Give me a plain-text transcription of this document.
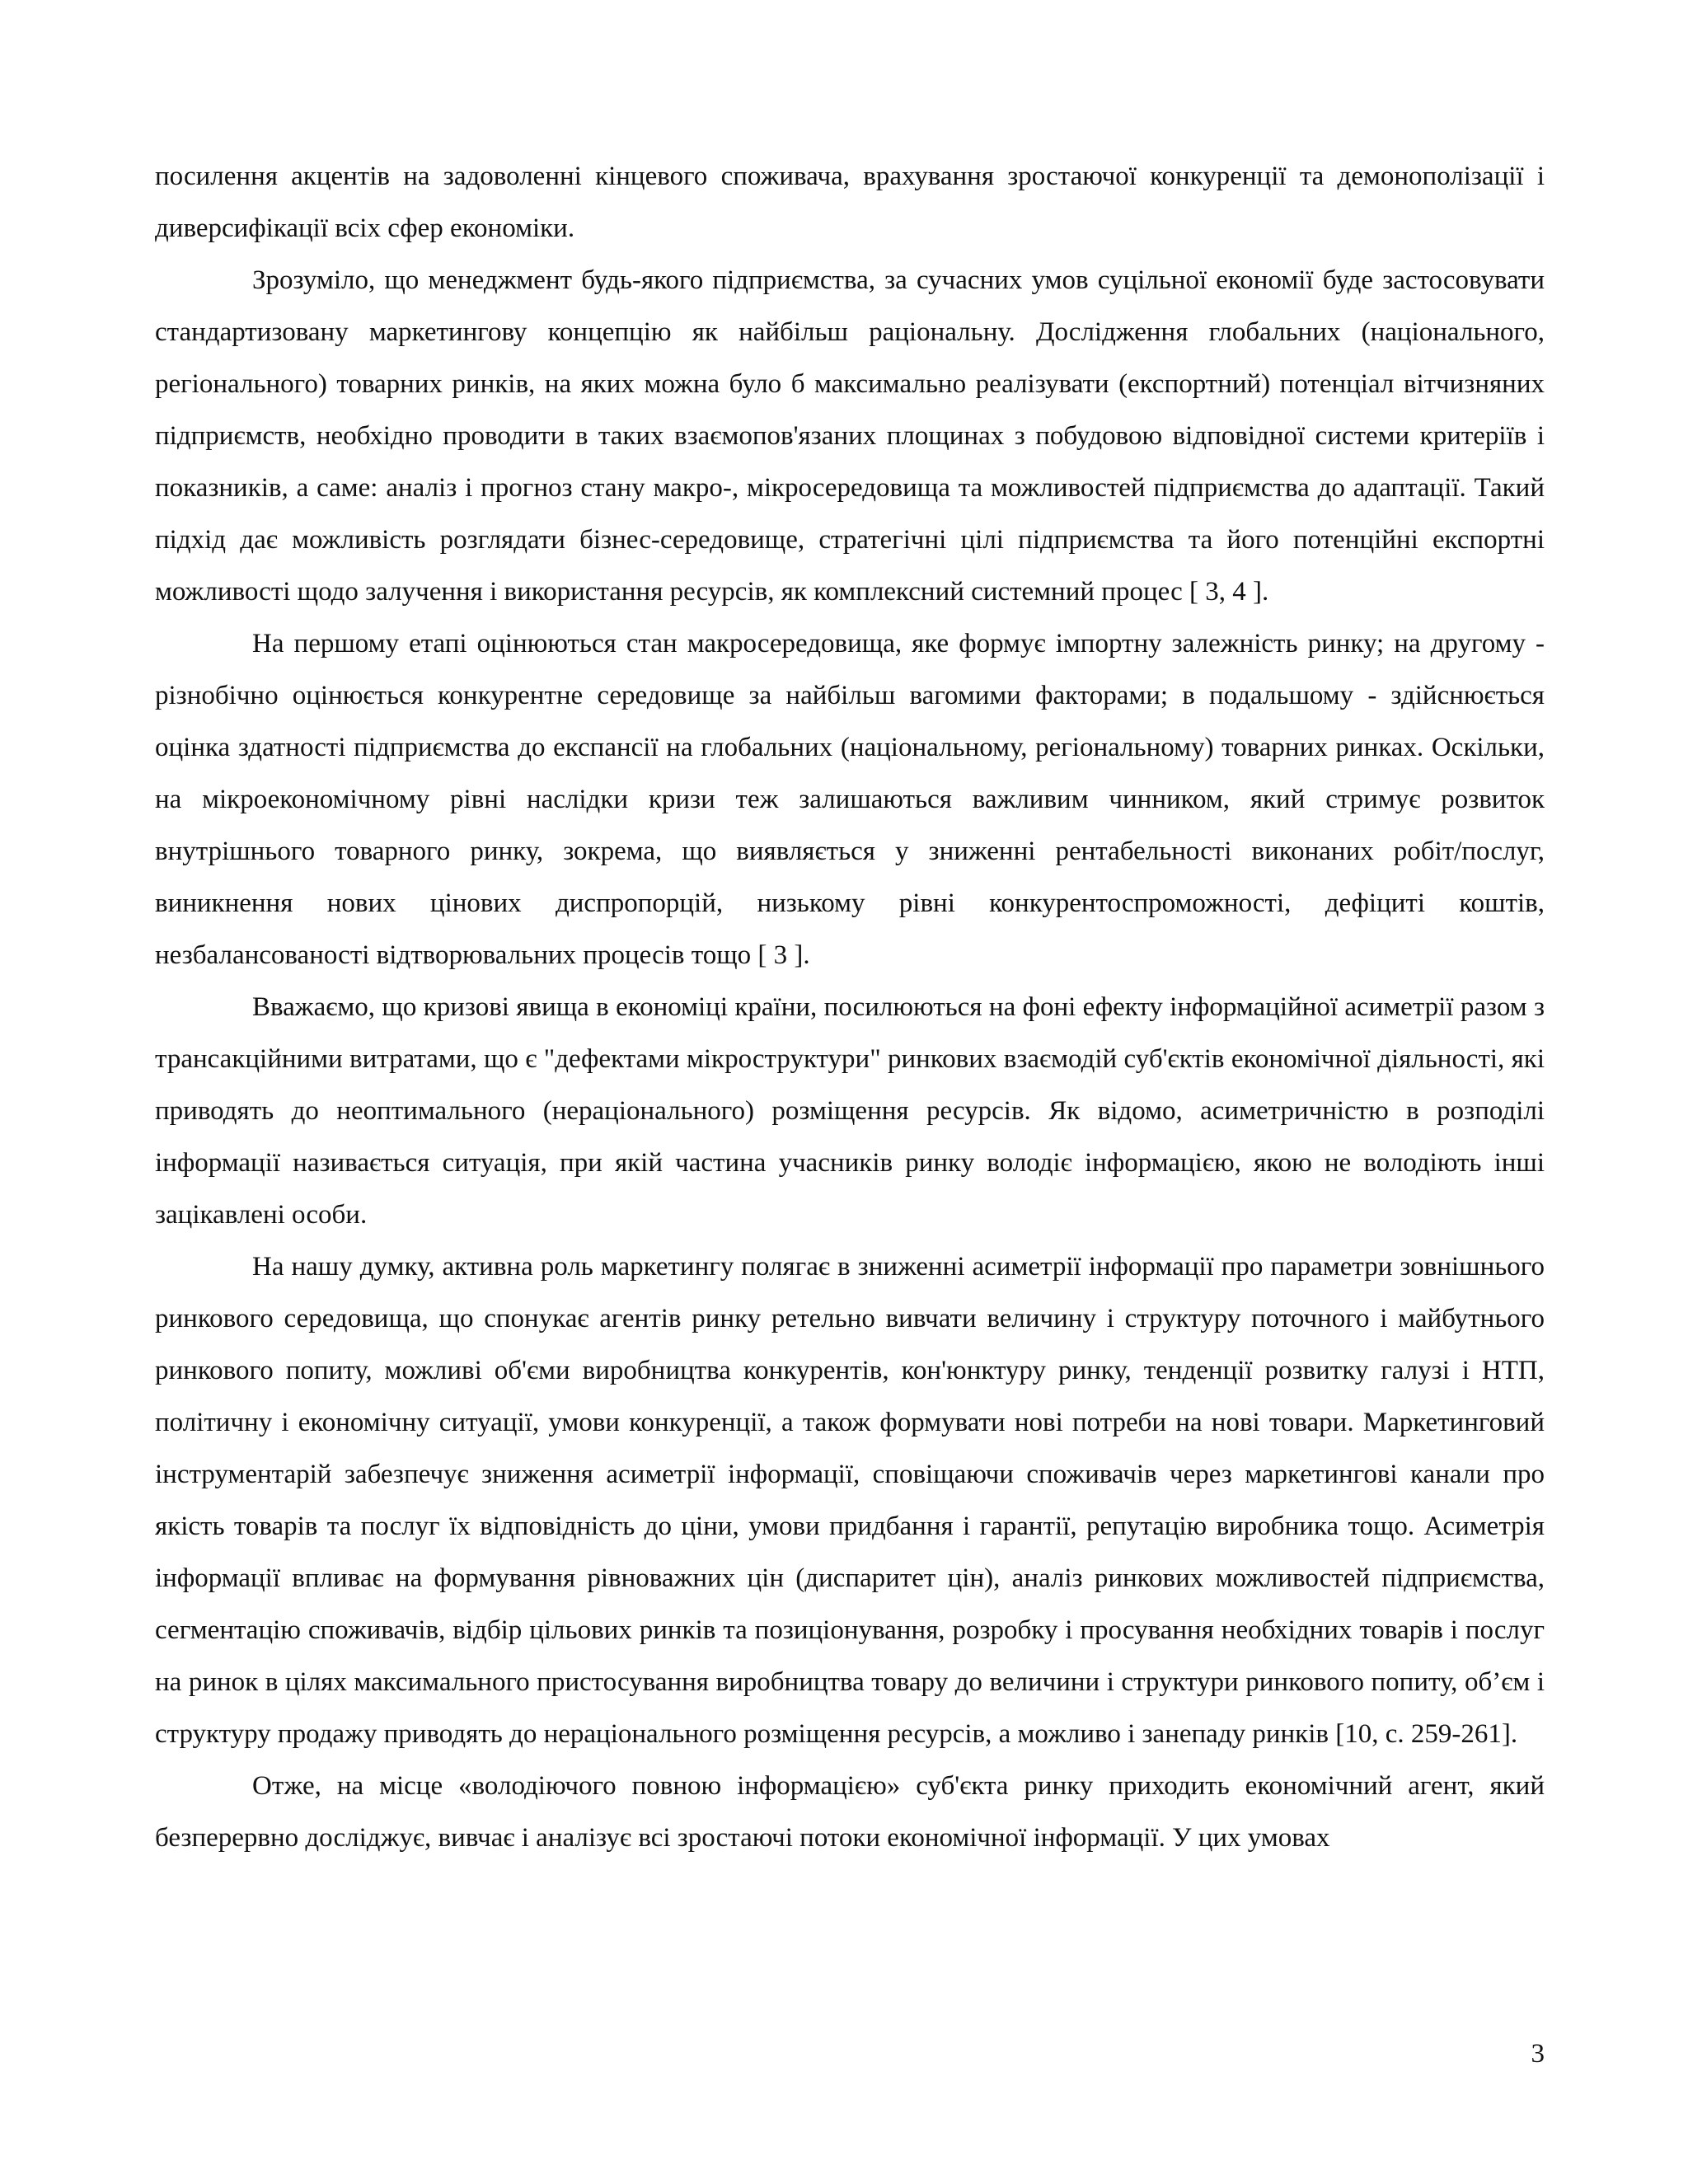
посилення акцентів на задоволенні кінцевого споживача, врахування зростаючої конкуренції та демонополізації і диверсифікації всіх сфер економіки.

Зрозуміло, що менеджмент будь-якого підприємства, за сучасних умов суцільної економії буде застосовувати стандартизовану маркетингову концепцію як найбільш раціональну. Дослідження глобальних (національного, регіонального) товарних ринків, на яких можна було б максимально реалізувати (експортний) потенціал вітчизняних підприємств, необхідно проводити в таких взаємопов'язаних площинах з побудовою відповідної системи критеріїв і показників, а саме: аналіз і прогноз стану макро-, мікросередовища та можливостей підприємства до адаптації. Такий підхід дає можливість розглядати бізнес-середовище, стратегічні цілі підприємства та його потенційні експортні можливості щодо залучення і використання ресурсів, як комплексний системний процес [ 3, 4 ].

На першому етапі оцінюються стан макросередовища, яке формує імпортну залежність ринку; на другому - різнобічно оцінюється конкурентне середовище за найбільш вагомими факторами; в подальшому - здійснюється оцінка здатності підприємства до експансії на глобальних (національному, регіональному) товарних ринках. Оскільки, на мікроекономічному рівні наслідки кризи теж залишаються важливим чинником, який стримує розвиток внутрішнього товарного ринку, зокрема, що виявляється у зниженні рентабельності виконаних робіт/послуг, виникнення нових цінових диспропорцій, низькому рівні конкурентоспроможності, дефіциті коштів, незбалансованості відтворювальних процесів тощо [ 3 ].

Вважаємо, що кризові явища в економіці країни, посилюються на фоні ефекту інформаційної асиметрії разом з трансакційними витратами, що є "дефектами мікроструктури" ринкових взаємодій суб'єктів економічної діяльності, які приводять до неоптимального (нераціонального) розміщення ресурсів. Як відомо, асиметричністю в розподілі інформації називається ситуація, при якій частина учасників ринку володіє інформацією, якою не володіють інші зацікавлені особи.

На нашу думку, активна роль маркетингу полягає в зниженні асиметрії інформації про параметри зовнішнього ринкового середовища, що спонукає агентів ринку ретельно вивчати величину і структуру поточного і майбутнього ринкового попиту, можливі об'єми виробництва конкурентів, кон'юнктуру ринку, тенденції розвитку галузі і НТП, політичну і економічну ситуації, умови конкуренції, а також формувати нові потреби на нові товари. Маркетинговий інструментарій забезпечує зниження асиметрії інформації, сповіщаючи споживачів через маркетингові канали про якість товарів та послуг їх відповідність до ціни, умови придбання і гарантії, репутацію виробника тощо. Асиметрія інформації впливає на формування рівноважних цін (диспаритет цін), аналіз ринкових можливостей підприємства, сегментацію споживачів, відбір цільових ринків та позиціонування, розробку і просування необхідних товарів і послуг на ринок в цілях максимального пристосування виробництва товару до величини і структури ринкового попиту, об’єм і структуру продажу приводять до нераціонального розміщення ресурсів, а можливо і занепаду ринків [10, с. 259-261].

Отже, на місце «володіючого повною інформацією» суб'єкта ринку приходить економічний агент, який безперервно досліджує, вивчає і аналізує всі зростаючі потоки економічної інформації. У цих умовах

3
